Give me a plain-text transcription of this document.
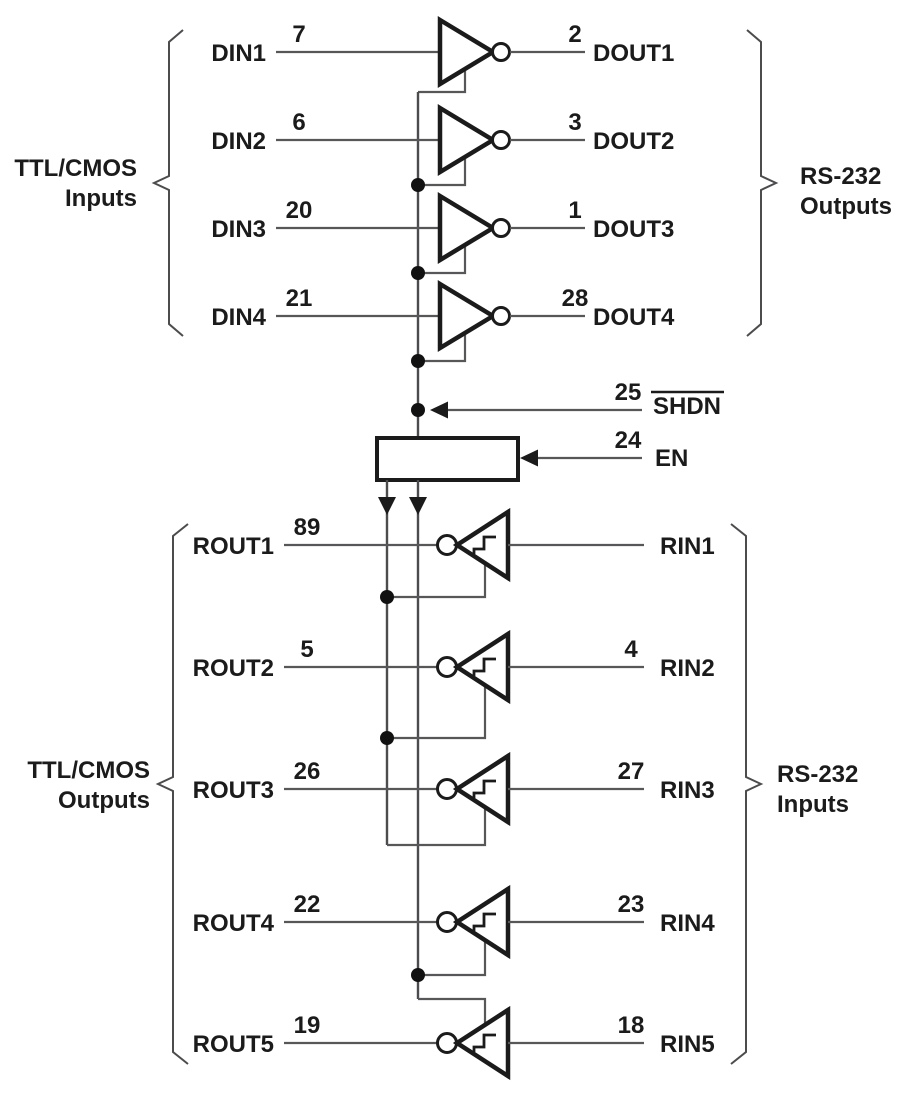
TTL/CMOS
Inputs
RS-232
Outputs
TTL/CMOS
Outputs
RS-232
Inputs
DIN1
7	2
DOUT1
DIN2
6	3
DOUT2
DIN3
20	1
DOUT3
DIN4
21	28
DOUT4
25
SHDN
24
EN
ROUT1
89
RIN1
ROUT2
5	4
RIN2
ROUT3
26	27
RIN3
ROUT4
22	23
RIN4
ROUT5
19	18
RIN5
